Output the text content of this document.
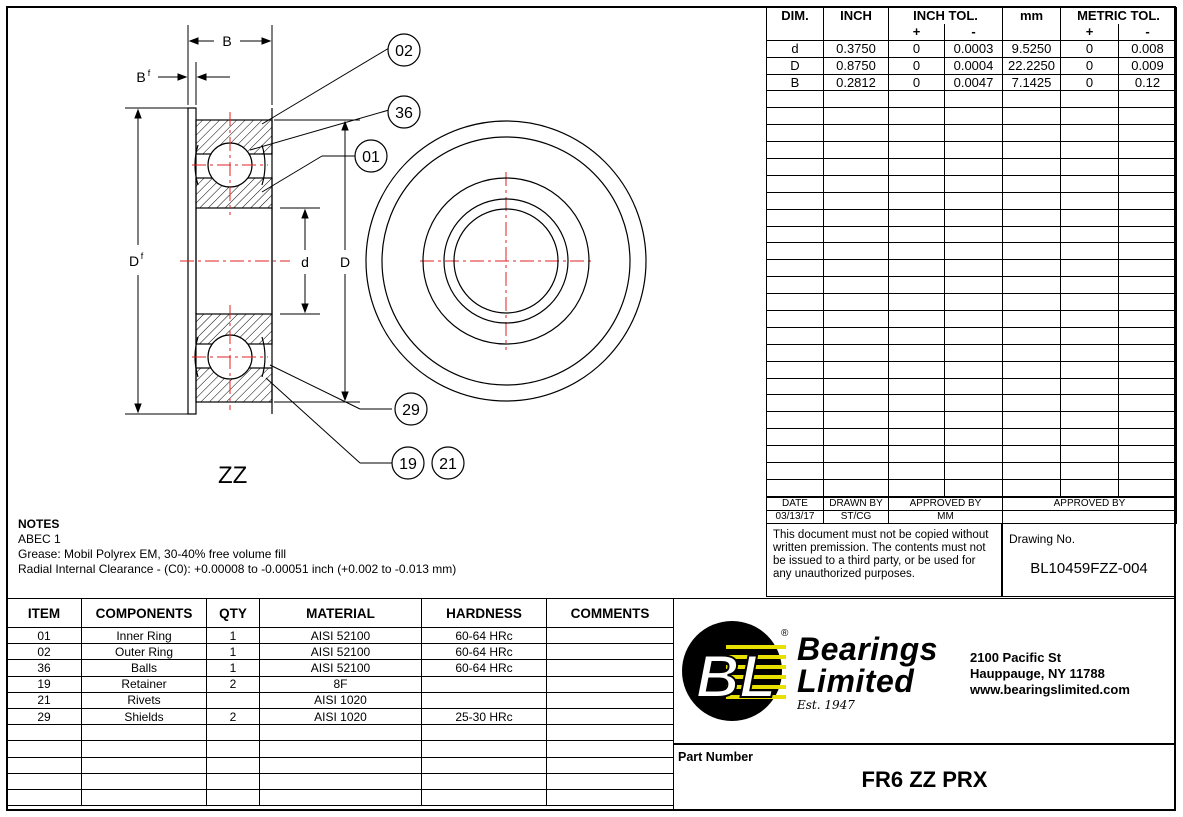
02
36
01
29
19 21
B
B f
D f	d D
ZZ
DIM.	INCH	INCH TOL.		mm	METRIC TOL.	
		+	-		+	-
d	0.3750	0	0.0003	9.5250	0	0.008
D	0.8750	0	0.0004	22.2250	0	0.009
B	0.2812	0	0.0047	7.1425	0	0.12

DATE	DRAWN BY	APPROVED BY	APPROVED BY
03/13/17	ST/CG	MM	
This document must not be copied without written premission. The contents must not be issued to a third party, or be used for any unauthorized purposes.
Drawing No.
BL10459FZZ-004
NOTES
ABEC 1
Grease: Mobil Polyrex EM, 30-40% free volume fill
Radial Internal Clearance - (C0): +0.00008 to -0.00051 inch (+0.002 to -0.013 mm)
ITEM	COMPONENTS	QTY	MATERIAL	HARDNESS	COMMENTS
01	Inner Ring	1	AISI 52100	60-64 HRc	
02	Outer Ring	1	AISI 52100	60-64 HRc	
36	Balls	1	AISI 52100	60-64 HRc	
19	Retainer	2	8F		
21	Rivets		AISI 1020		
29	Shields	2	AISI 1020	25-30 HRc	

BL
® Bearings
Limited
Est. 1947
2100 Pacific St
Hauppauge, NY 11788
www.bearingslimited.com
Part Number
FR6 ZZ PRX
